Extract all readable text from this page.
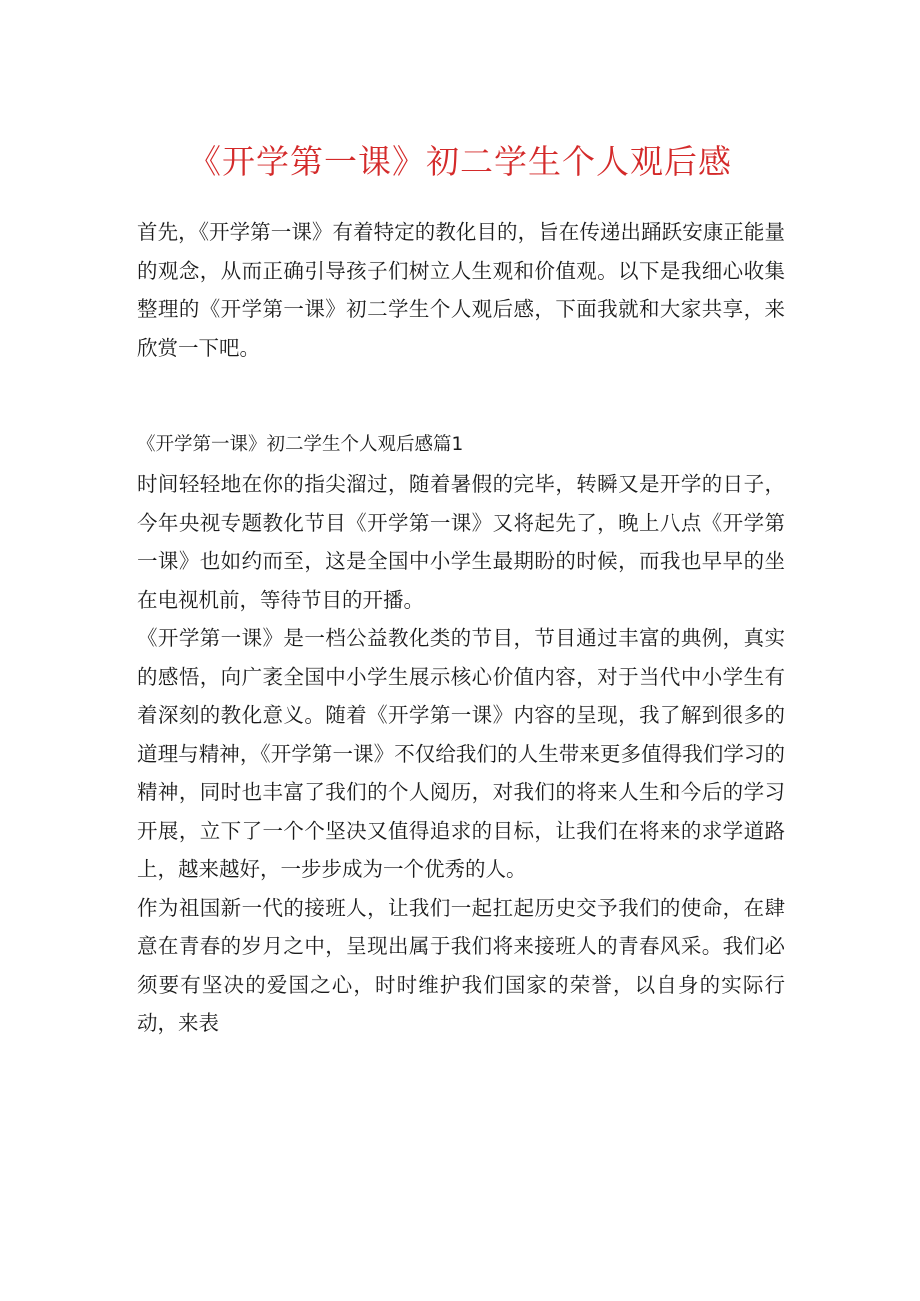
《开学第一课》初二学生个人观后感

首先，《开学第一课》有着特定的教化目的，旨在传递出踊跃安康正能量的观念，从而正确引导孩子们树立人生观和价值观。以下是我细心收集整理的《开学第一课》初二学生个人观后感，下面我就和大家共享，来欣赏一下吧。

《开学第一课》初二学生个人观后感篇1

时间轻轻地在你的指尖溜过，随着暑假的完毕，转瞬又是开学的日子，今年央视专题教化节目《开学第一课》又将起先了，晚上八点《开学第一课》也如约而至，这是全国中小学生最期盼的时候，而我也早早的坐在电视机前，等待节目的开播。

《开学第一课》是一档公益教化类的节目，节目通过丰富的典例，真实的感悟，向广袤全国中小学生展示核心价值内容，对于当代中小学生有着深刻的教化意义。随着《开学第一课》内容的呈现，我了解到很多的道理与精神，《开学第一课》不仅给我们的人生带来更多值得我们学习的精神，同时也丰富了我们的个人阅历，对我们的将来人生和今后的学习开展，立下了一个个坚决又值得追求的目标，让我们在将来的求学道路上，越来越好，一步步成为一个优秀的人。

作为祖国新一代的接班人，让我们一起扛起历史交予我们的使命，在肆意在青春的岁月之中，呈现出属于我们将来接班人的青春风采。我们必须要有坚决的爱国之心，时时维护我们国家的荣誉，以自身的实际行动，来表
